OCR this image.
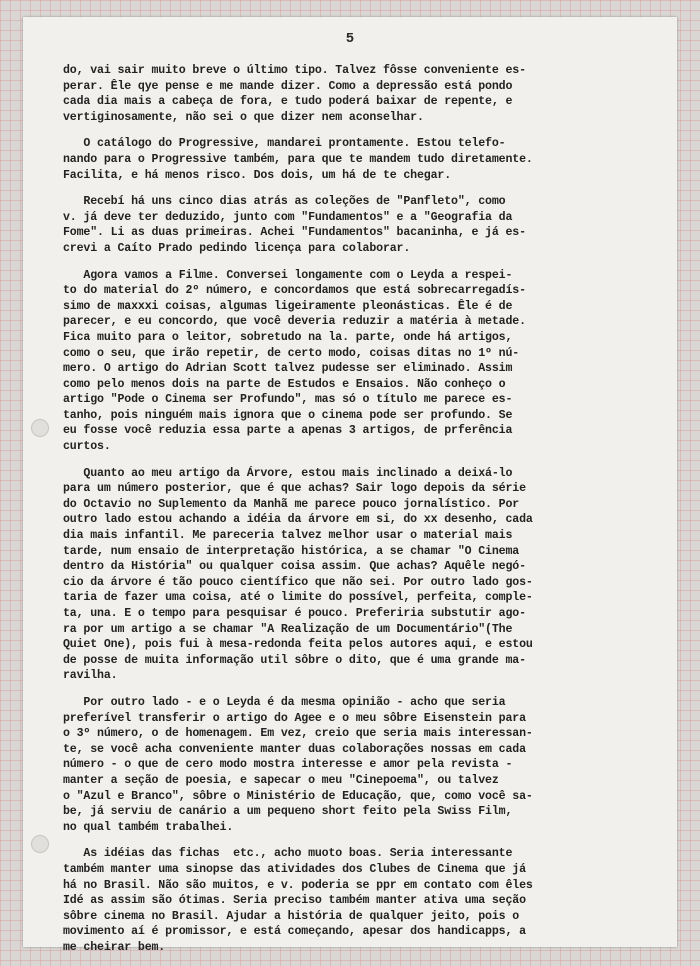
5
do, vai sair muito breve o último tipo. Talvez fôsse conveniente es-
perar. Êle qye pense e me mande dizer. Como a depressão está pondo
cada dia mais a cabeça de fora, e tudo poderá baixar de repente, e
vertiginosamente, não sei o que dizer nem aconselhar.
O catálogo do Progressive, mandarei prontamente. Estou telefo-
nando para o Progressive também, para que te mandem tudo diretamente.
Facilita, e há menos risco. Dos dois, um há de te chegar.
Recebí há uns cinco dias atrás as coleções de "Panfleto", como
v. já deve ter deduzido, junto com "Fundamentos" e a "Geografia da
Fome". Li as duas primeiras. Achei "Fundamentos" bacaninha, e já es-
crevi a Caíto Prado pedindo licença para colaborar.
Agora vamos a Filme. Conversei longamente com o Leyda a respei-
to do material do 2º número, e concordamos que está sobrecarregadís-
simo de maxxxi coisas, algumas ligeiramente pleonásticas. Êle é de
parecer, e eu concordo, que você deveria reduzir a matéria à metade.
Fica muito para o leitor, sobretudo na la. parte, onde há artigos,
como o seu, que irão repetir, de certo modo, coisas ditas no 1º nú-
mero. O artigo do Adrian Scott talvez pudesse ser eliminado. Assim
como pelo menos dois na parte de Estudos e Ensaios. Não conheço o
artigo "Pode o Cinema ser Profundo", mas só o título me parece es-
tanho, pois ninguém mais ignora que o cinema pode ser profundo. Se
eu fosse você reduzia essa parte a apenas 3 artigos, de prferência
curtos.
Quanto ao meu artigo da Árvore, estou mais inclinado a deixá-lo
para um número posterior, que é que achas? Sair logo depois da série
do Octavio no Suplemento da Manhã me parece pouco jornalístico. Por
outro lado estou achando a idéia da árvore em si, do xx desenho, cada
dia mais infantil. Me pareceria talvez melhor usar o material mais
tarde, num ensaio de interpretação histórica, a se chamar "O Cinema
dentro da História" ou qualquer coisa assim. Que achas? Aquêle negó-
cio da árvore é tão pouco científico que não sei. Por outro lado gos-
taria de fazer uma coisa, até o limite do possível, perfeita, comple-
ta, una. E o tempo para pesquisar é pouco. Preferiria substutir ago-
ra por um artigo a se chamar "A Realização de um Documentário"(The
Quiet One), pois fui à mesa-redonda feita pelos autores aqui, e estou
de posse de muita informação util sôbre o dito, que é uma grande ma-
ravilha.
Por outro lado - e o Leyda é da mesma opinião - acho que seria
preferível transferir o artigo do Agee e o meu sôbre Eisenstein para
o 3º número, o de homenagem. Em vez, creio que seria mais interessan-
te, se você acha conveniente manter duas colaborações nossas em cada
número - o que de cero modo mostra interesse e amor pela revista -
manter a seção de poesia, e sapecar o meu "Cinepoema", ou talvez
o "Azul e Branco", sôbre o Ministério de Educação, que, como você sa-
be, já serviu de canário a um pequeno short feito pela Swiss Film,
no qual também trabalhei.
As idéias das fichas  etc., acho muoto boas. Seria interessante
também manter uma sinopse das atividades dos Clubes de Cinema que já
há no Brasil. Não são muitos, e v. poderia se ppr em contato com êles
Idé as assim são ótimas. Seria preciso também manter ativa uma seção
sôbre cinema no Brasil. Ajudar a história de qualquer jeito, pois o
movimento aí é promissor, e está começando, apesar dos handicapps, a
me cheirar bem.
